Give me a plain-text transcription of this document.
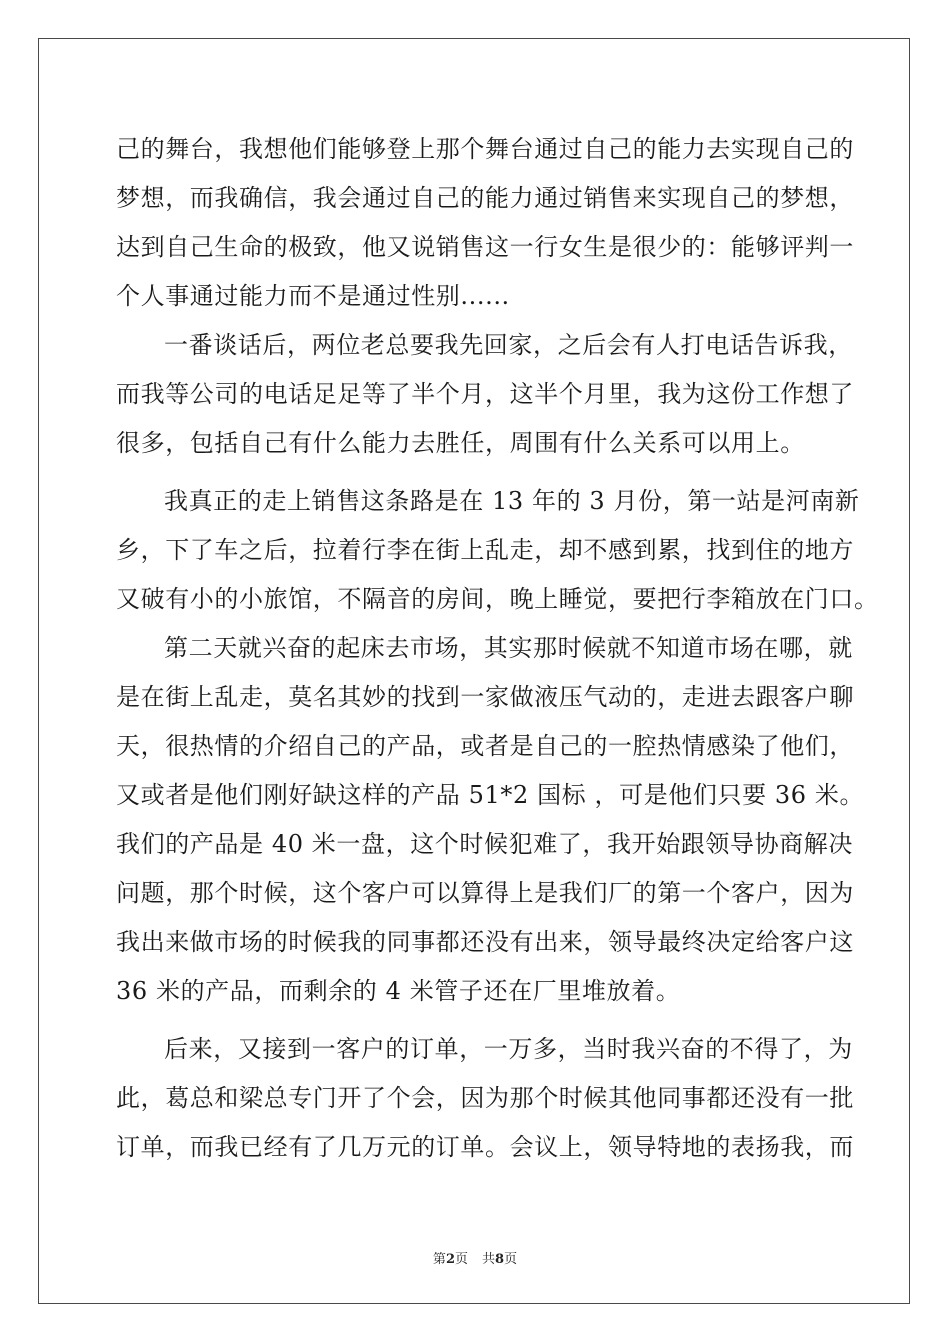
己的舞台，我想他们能够登上那个舞台通过自己的能力去实现自己的
梦想，而我确信，我会通过自己的能力通过销售来实现自己的梦想，
达到自己生命的极致，他又说销售这一行女生是很少的：能够评判一
个人事通过能力而不是通过性别......
一番谈话后，两位老总要我先回家，之后会有人打电话告诉我，
而我等公司的电话足足等了半个月，这半个月里，我为这份工作想了
很多，包括自己有什么能力去胜任，周围有什么关系可以用上。
我真正的走上销售这条路是在 13 年的 3 月份，第一站是河南新
乡，下了车之后，拉着行李在街上乱走，却不感到累，找到住的地方
又破有小的小旅馆，不隔音的房间，晚上睡觉，要把行李箱放在门口。
第二天就兴奋的起床去市场，其实那时候就不知道市场在哪，就
是在街上乱走，莫名其妙的找到一家做液压气动的，走进去跟客户聊
天，很热情的介绍自己的产品，或者是自己的一腔热情感染了他们，
又或者是他们刚好缺这样的产品 51*2 国标 ，可是他们只要 36 米。
我们的产品是 40 米一盘，这个时候犯难了，我开始跟领导协商解决
问题，那个时候，这个客户可以算得上是我们厂的第一个客户，因为
我出来做市场的时候我的同事都还没有出来，领导最终决定给客户这
36 米的产品，而剩余的 4 米管子还在厂里堆放着。
后来，又接到一客户的订单，一万多，当时我兴奋的不得了，为
此，葛总和梁总专门开了个会，因为那个时候其他同事都还没有一批
订单，而我已经有了几万元的订单。会议上，领导特地的表扬我，而
第2页 共8页
